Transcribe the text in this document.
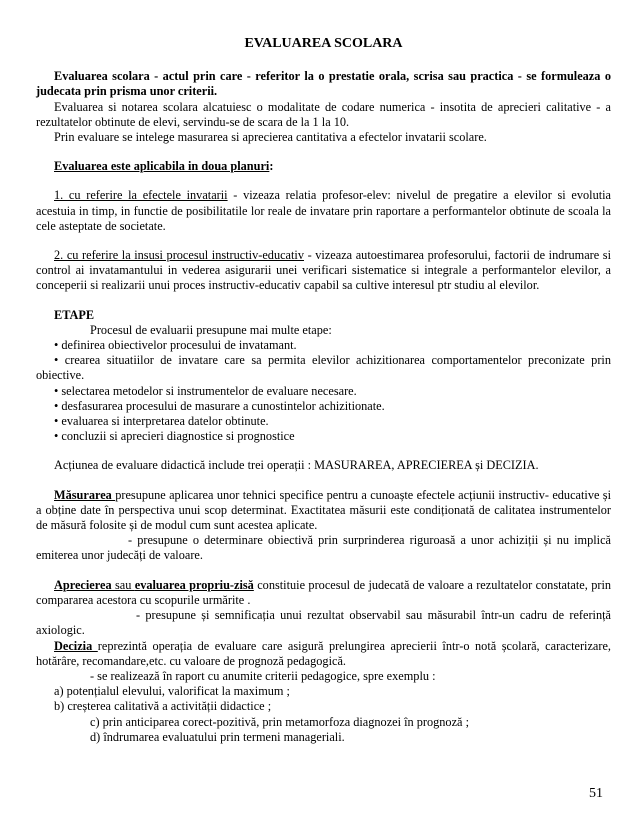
EVALUAREA SCOLARA

Evaluarea scolara - actul prin care - referitor la o prestatie orala, scrisa sau practica - se formuleaza o judecata prin prisma unor criterii.

Evaluarea si notarea scolara alcatuiesc o modalitate de codare numerica - insotita de aprecieri calitative - a rezultatelor obtinute de elevi, servindu-se de scara de la 1 la 10.

Prin evaluare se intelege masurarea si aprecierea cantitativa a efectelor invatarii scolare.

Evaluarea este aplicabila in doua planuri:

1. cu referire la efectele invatarii - vizeaza relatia profesor-elev: nivelul de pregatire a elevilor si evolutia acestuia in timp, in functie de posibilitatile lor reale de invatare prin raportare a performantelor obtinute de scoala la cele asteptate de societate.

2. cu referire la insusi procesul instructiv-educativ - vizeaza autoestimarea profesorului, factorii de indrumare si control ai invatamantului in vederea asigurarii unei verificari sistematice si integrale a performantelor elevilor, a conceperii si realizarii unui proces instructiv-educativ capabil sa cultive interesul ptr studiu al elevilor.

ETAPE

Procesul de evaluarii presupune mai multe etape:

• definirea obiectivelor procesului de invatamant.

• crearea situatiilor de invatare care sa permita elevilor achizitionarea comportamentelor preconizate prin obiective.

• selectarea metodelor si instrumentelor de evaluare necesare.

• desfasurarea procesului de masurare a cunostintelor achizitionate.

• evaluarea si interpretarea datelor obtinute.

• concluzii si aprecieri diagnostice si prognostice

Acțiunea de evaluare didactică include trei operații : MASURAREA, APRECIEREA și DECIZIA.

Măsurarea presupune aplicarea unor tehnici specifice pentru a cunoaște efectele acțiunii instructiv- educative și a obține date în perspectiva unui scop determinat. Exactitatea măsurii este condiționată de calitatea instrumentelor de măsură folosite și de modul cum sunt acestea aplicate.

- presupune o determinare obiectivă prin surprinderea riguroasă a unor achiziții și nu implică emiterea unor judecăți de valoare.

Aprecierea sau evaluarea propriu-zisă constituie procesul de judecată de valoare a rezultatelor constatate, prin compararea acestora cu scopurile urmărite .

- presupune și semnificația unui rezultat observabil sau măsurabil într-un cadru de referință axiologic.

Decizia reprezintă operația de evaluare care asigură prelungirea aprecierii într-o notă școlară, caracterizare, hotărâre, recomandare,etc. cu valoare de prognoză pedagogică.

- se realizează în raport cu anumite criterii pedagogice, spre exemplu :

a) potențialul elevului, valorificat la maximum ;

b) creșterea calitativă a activității didactice ;

c) prin anticiparea corect-pozitivă, prin metamorfoza diagnozei în prognoză ;

d) îndrumarea evaluatului prin termeni manageriali.

51
